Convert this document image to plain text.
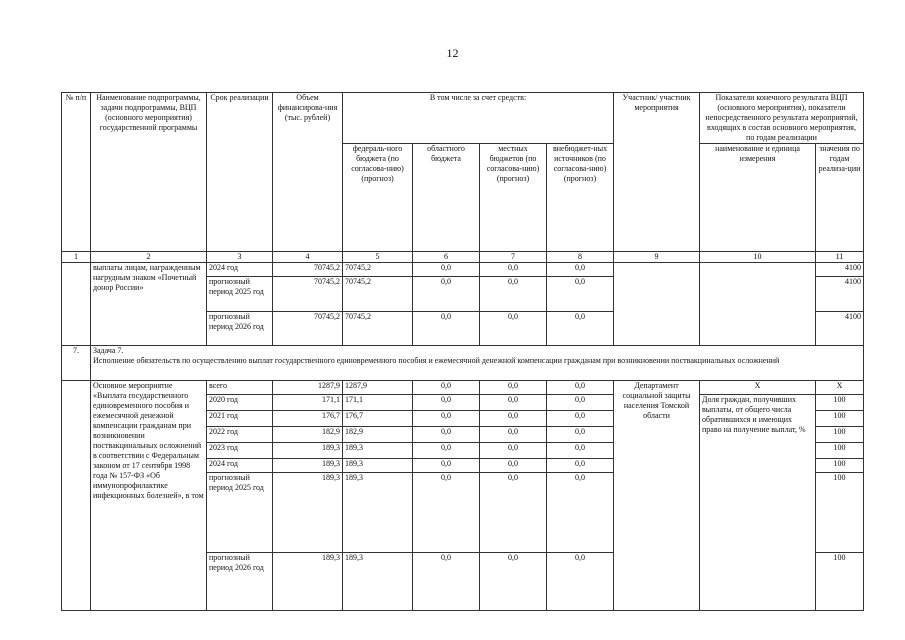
12
№ п/п	Наименование подпрограммы, задачи подпрограммы, ВЦП (основного мероприятия) государственной программы	Срок реализации	Объем финансирова-ния (тыс. рублей)	В том числе за счет средств:				Участник/ участник мероприятия	Показатели конечного результата ВЦП (основного мероприятия), показатели непосредственного результата мероприятий, входящих в состав основного мероприятия, по годам реализации	
				федераль-ного бюджета (по согласова-нию) (прогноз)	областного бюджета	местных бюджетов (по согласова-нию) (прогноз)	внебюджет-ных источников (по согласова-нию) (прогноз)		наименование и единица измерения	значения по годам реализа-ции
1	2	3	4	5	6	7	8	9	10	11
	выплаты лицам, награжденным нагрудным знаком «Почетный донор России»	2024 год	70745,2	70745,2	0,0	0,0	0,0			4100
		прогнозный период 2025 год	70745,2	70745,2	0,0	0,0	0,0			4100
		прогнозный период 2026 год	70745,2	70745,2	0,0	0,0	0,0			4100
7.	Задача 7.
Исполнение обязательств по осуществлению выплат государственного единовременного пособия и ежемесячной денежной компенсации гражданам при возникновении поствакцинальных осложнений									

	Основное мероприятие «Выплата государственного единовременного пособия и ежемесячной денежной компенсации гражданам при возникновении поствакцинальных осложнений в соответствии с Федеральным законом от 17 сентября 1998 года № 157-ФЗ «Об иммунопрофилактике инфекционных болезней», в том	всего	1287,9	1287,9	0,0	0,0	0,0	Департамент социальной защиты населения Томской области	Х	Х
		2020 год	171,1	171,1	0,0	0,0	0,0		Доля граждан, получивших выплаты, от общего числа обратившихся и имеющих право на получение выплат, %	100
		2021 год	176,7	176,7	0,0	0,0	0,0			100
		2022 год	182,9	182,9	0,0	0,0	0,0			100
		2023 год	189,3	189,3	0,0	0,0	0,0			100
		2024 год	189,3	189,3	0,0	0,0	0,0			100
		прогнозный период 2025 год	189,3	189,3	0,0	0,0	0,0			100
		прогнозный период 2026 год	189,3	189,3	0,0	0,0	0,0			100
